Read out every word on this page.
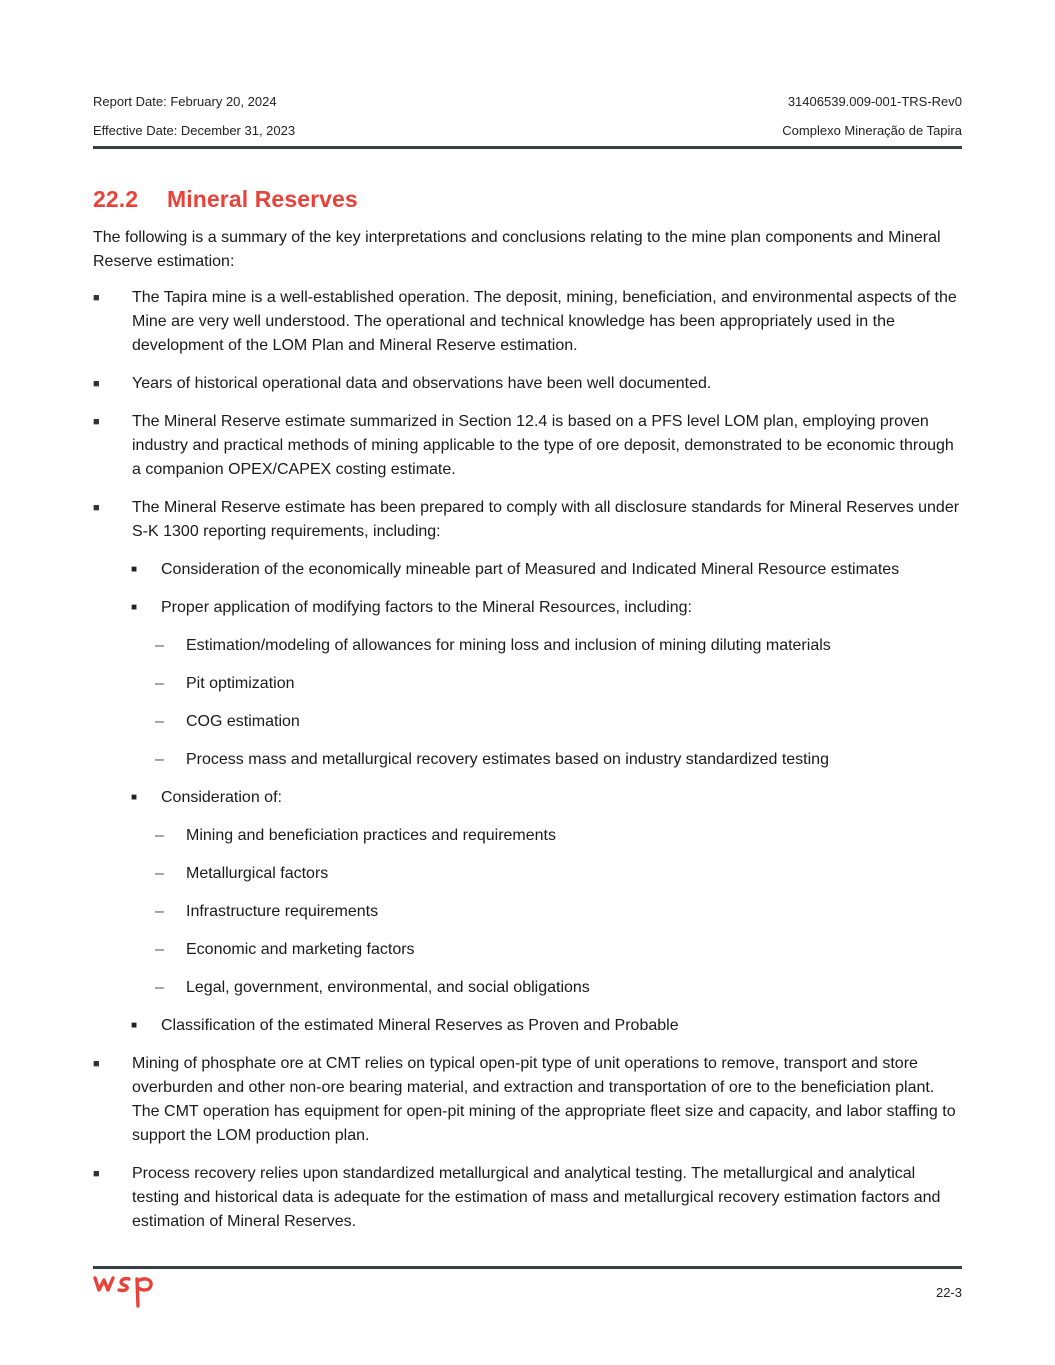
Report Date: February 20, 2024	31406539.009-001-TRS-Rev0
Effective Date: December 31, 2023	Complexo Mineração de Tapira
22.2 Mineral Reserves

The following is a summary of the key interpretations and conclusions relating to the mine plan components and Mineral Reserve estimation:

■ The Tapira mine is a well-established operation. The deposit, mining, beneficiation, and environmental aspects of the Mine are very well understood. The operational and technical knowledge has been appropriately used in the development of the LOM Plan and Mineral Reserve estimation.
■ Years of historical operational data and observations have been well documented.
■ The Mineral Reserve estimate summarized in Section 12.4 is based on a PFS level LOM plan, employing proven industry and practical methods of mining applicable to the type of ore deposit, demonstrated to be economic through a companion OPEX/CAPEX costing estimate.
■ The Mineral Reserve estimate has been prepared to comply with all disclosure standards for Mineral Reserves under S-K 1300 reporting requirements, including:
■ Consideration of the economically mineable part of Measured and Indicated Mineral Resource estimates
■ Proper application of modifying factors to the Mineral Resources, including:
– Estimation/modeling of allowances for mining loss and inclusion of mining diluting materials
– Pit optimization
– COG estimation
– Process mass and metallurgical recovery estimates based on industry standardized testing
■ Consideration of:
– Mining and beneficiation practices and requirements
– Metallurgical factors
– Infrastructure requirements
– Economic and marketing factors
– Legal, government, environmental, and social obligations
■ Classification of the estimated Mineral Reserves as Proven and Probable
■ Mining of phosphate ore at CMT relies on typical open-pit type of unit operations to remove, transport and store overburden and other non-ore bearing material, and extraction and transportation of ore to the beneficiation plant. The CMT operation has equipment for open-pit mining of the appropriate fleet size and capacity, and labor staffing to support the LOM production plan.
■ Process recovery relies upon standardized metallurgical and analytical testing. The metallurgical and analytical testing and historical data is adequate for the estimation of mass and metallurgical recovery estimation factors and estimation of Mineral Reserves.
22-3
